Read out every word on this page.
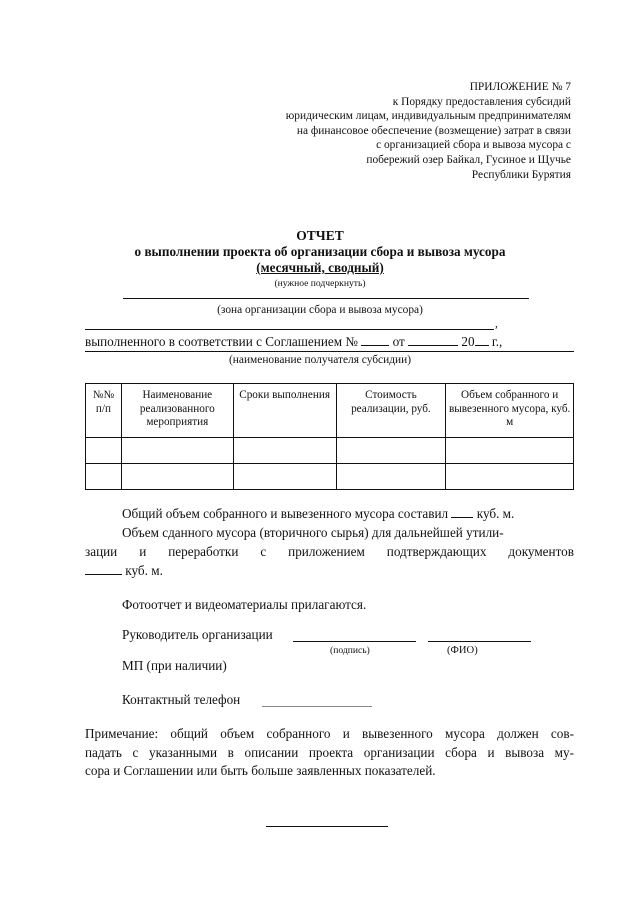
ПРИЛОЖЕНИЕ № 7
к Порядку предоставления субсидий
юридическим лицам, индивидуальным предпринимателям
на финансовое обеспечение (возмещение) затрат в связи
с организацией сбора и вывоза мусора с
побережий озер Байкал, Гусиное и Щучье
Республики Бурятия
ОТЧЕТ
о выполнении проекта об организации сбора и вывоза мусора
(месячный, сводный)
(нужное подчеркнуть)
(зона организации сбора и вывоза мусора)
,
выполненного в соответствии с Соглашением №	от	20 г.,
(наименование получателя субсидии)
№№ п/п	Наименование реализованного мероприятия	Сроки выполнения	Стоимость реализации, руб.	Объем собранного и вывезенного мусора, куб. м

Общий объем собранного и вывезенного мусора составил куб. м.
Объем сданного мусора (вторичного сырья) для дальнейшей утили-
зации и переработки с приложением подтверждающих документов
куб. м.
Фотоотчет и видеоматериалы прилагаются.
Руководитель организации
(подпись)	(ФИО)
МП (при наличии)
Контактный телефон
Примечание: общий объем собранного и вывезенного мусора должен сов-
падать с указанными в описании проекта организации сбора и вывоза му-
сора и Соглашении или быть больше заявленных показателей.
